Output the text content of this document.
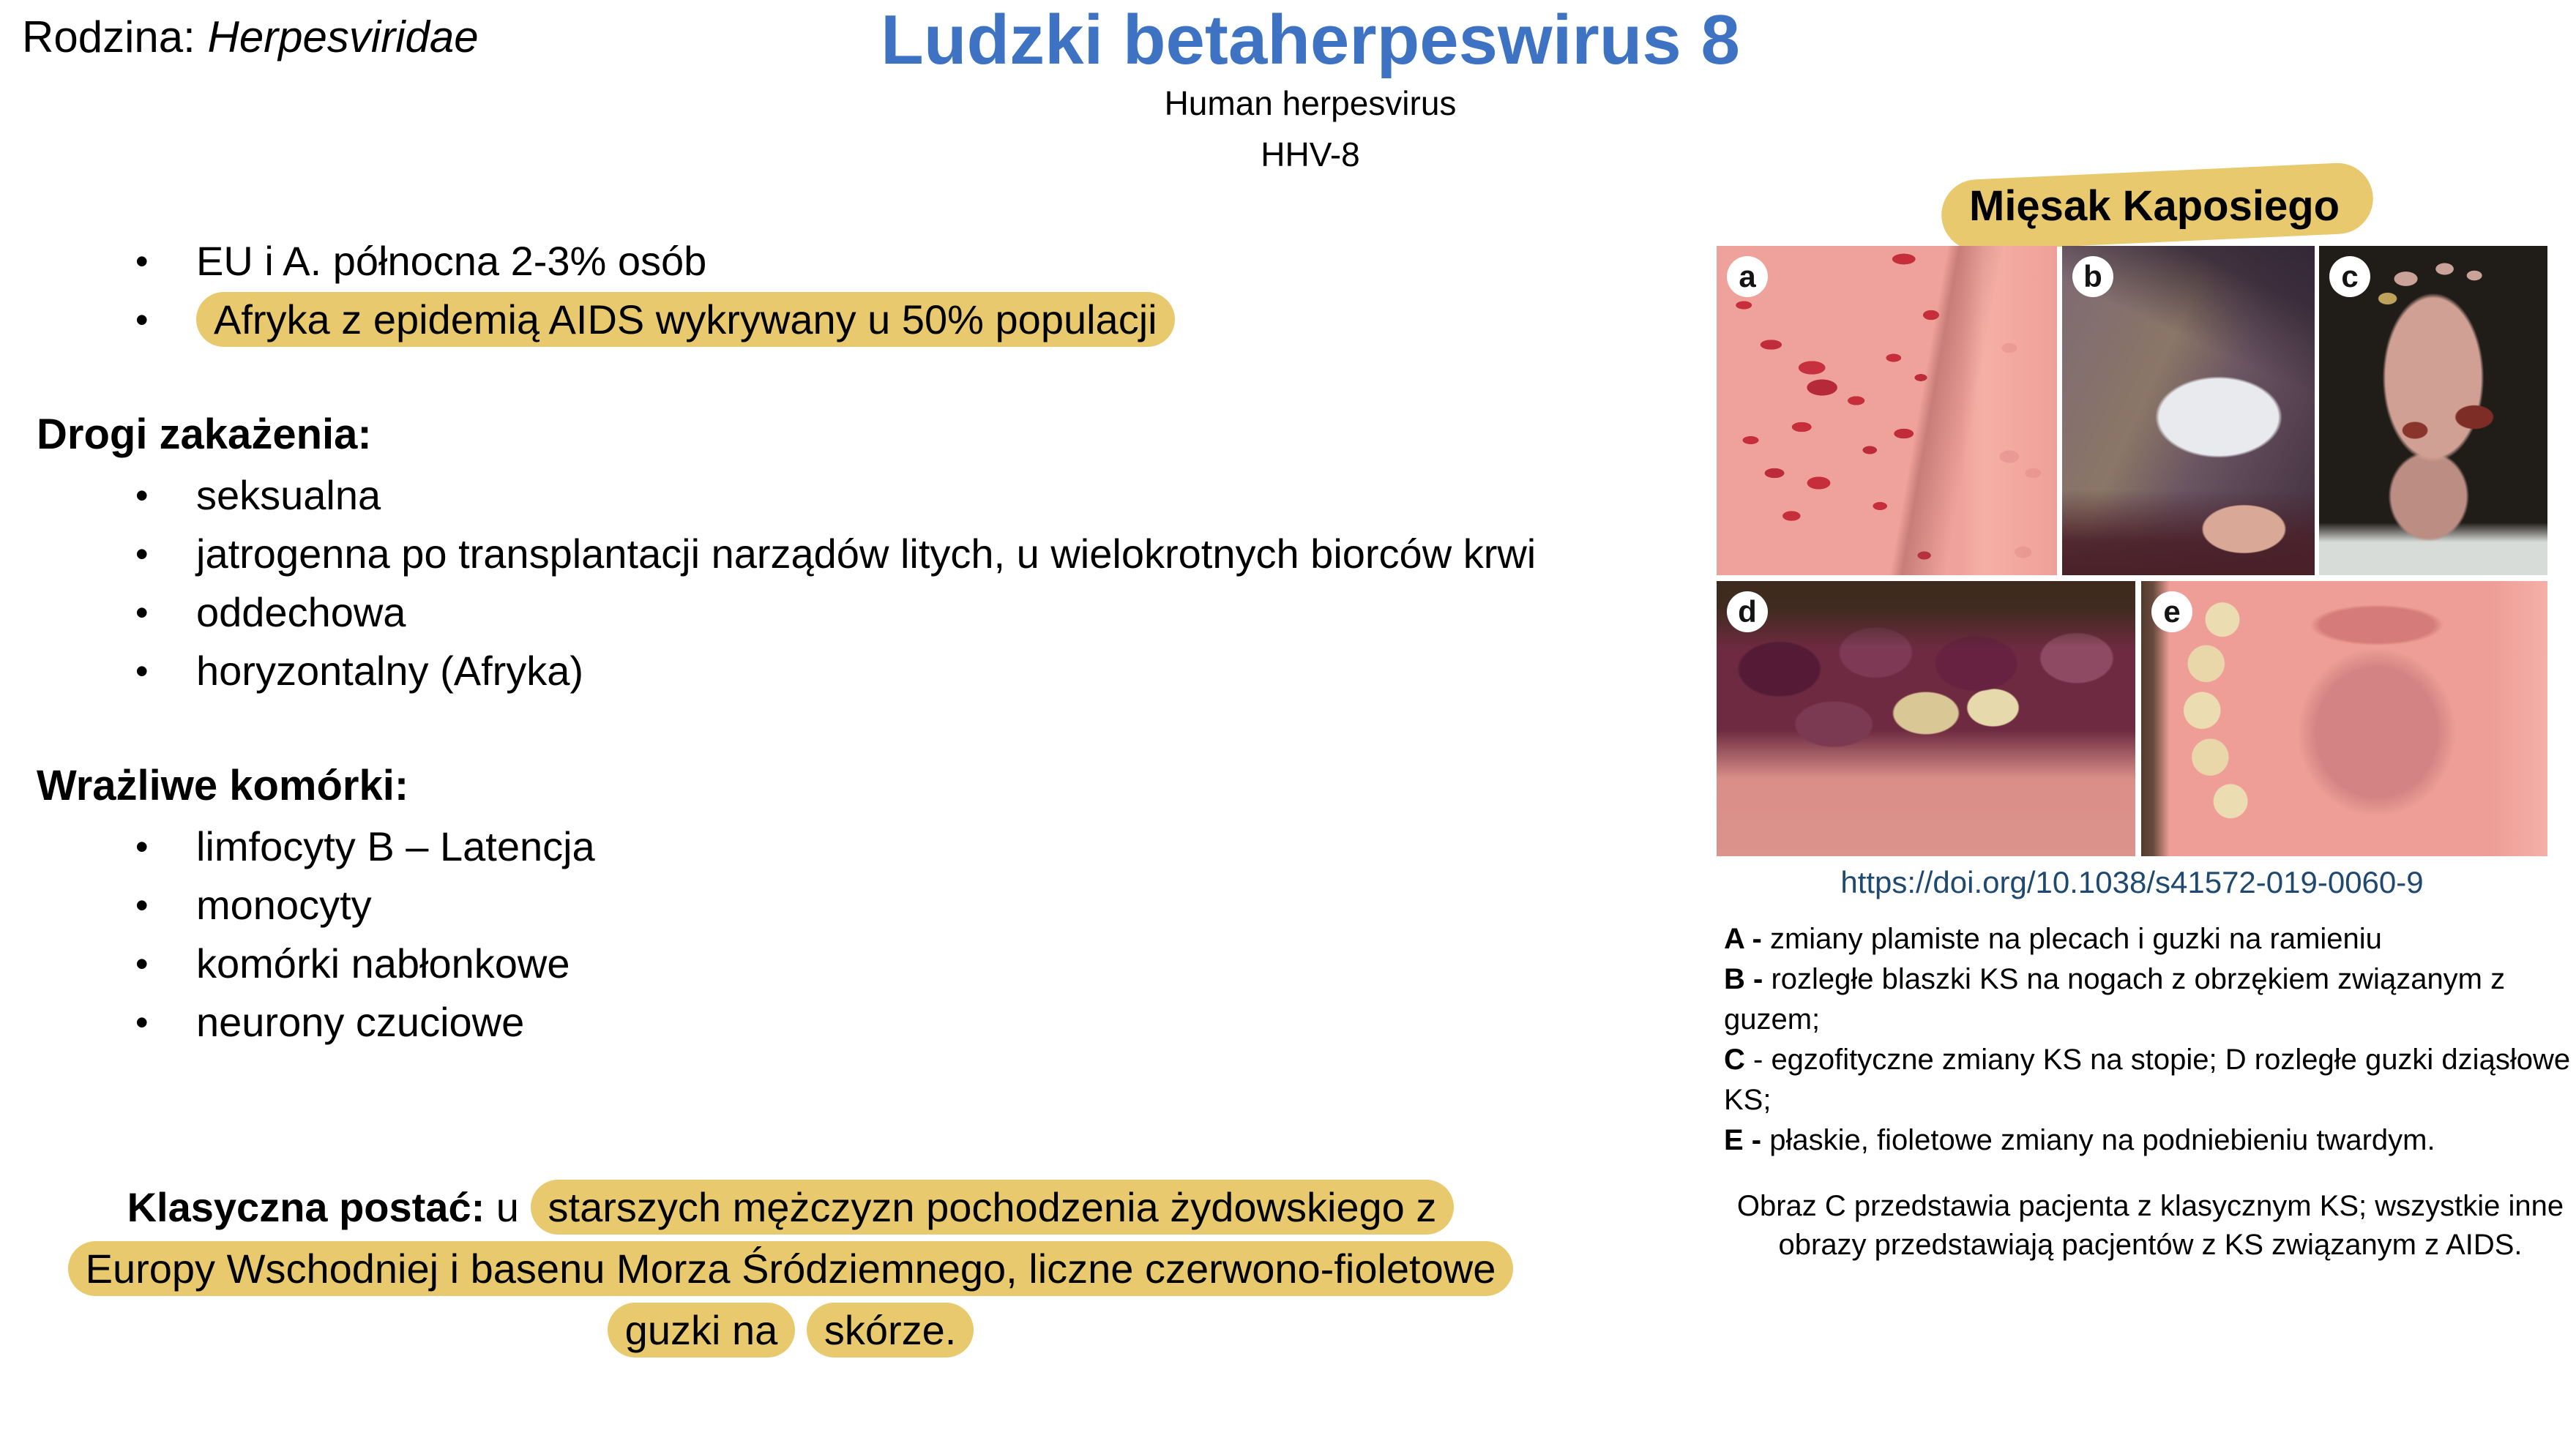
Rodzina: Herpesviridae	Ludzki betaherpeswirus 8
Human herpesvirus
HHV-8
• EU i A. północna 2-3% osób
• Afryka z epidemią AIDS wykrywany u 50% populacji
Drogi zakażenia:
• seksualna
• jatrogenna po transplantacji narządów litych, u wielokrotnych biorców krwi
• oddechowa
• horyzontalny (Afryka)
Wrażliwe komórki:
• limfocyty B – Latencja
• monocyty
• komórki nabłonkowe
• neurony czuciowe

Klasyczna postać: u starszych mężczyzn pochodzenia żydowskiego z Europy Wschodniej i basenu Morza Śródziemnego, liczne czerwono-fioletowe guzki na skórze.

Mięsak Kaposiego
a	b	c
d	e
https://doi.org/10.1038/s41572-019-0060-9

A - zmiany plamiste na plecach i guzki na ramieniu

B - rozległe blaszki KS na nogach z obrzękiem związanym z guzem;

C - egzofityczne zmiany KS na stopie; D rozległe guzki dziąsłowe KS;

E - płaskie, fioletowe zmiany na podniebieniu twardym.

Obraz C przedstawia pacjenta z klasycznym KS; wszystkie inne obrazy przedstawiają pacjentów z KS związanym z AIDS.
